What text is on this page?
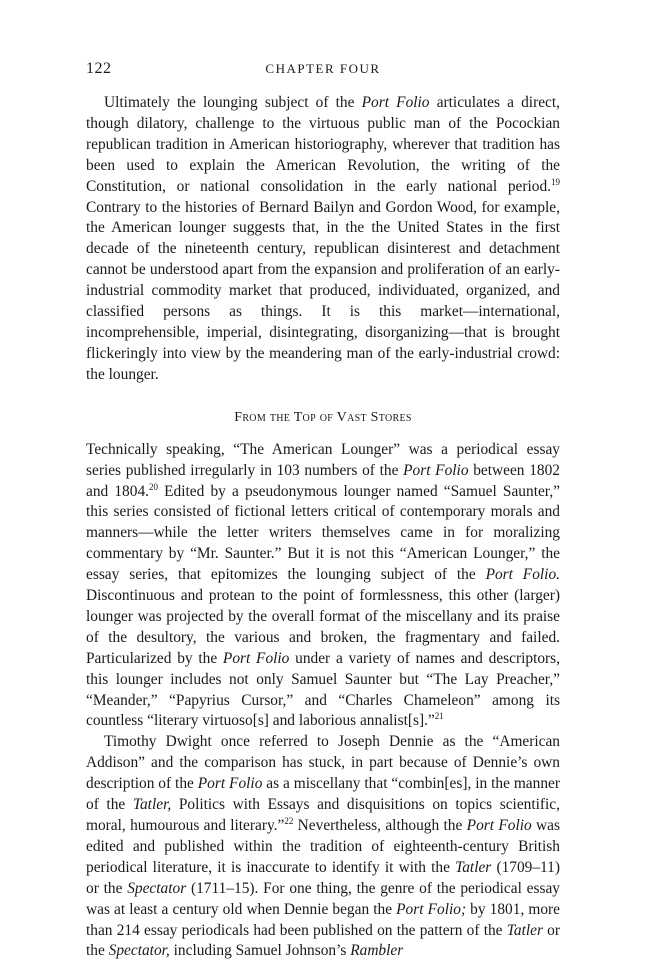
122	CHAPTER FOUR

Ultimately the lounging subject of the Port Folio articulates a direct, though dilatory, challenge to the virtuous public man of the Pocockian republican tradition in American historiography, wherever that tradition has been used to explain the American Revolution, the writing of the Constitution, or national consolidation in the early national period.$^{19}$ Contrary to the histories of Bernard Bailyn and Gordon Wood, for example, the American lounger suggests that, in the the United States in the first decade of the nineteenth century, republican disinterest and detachment cannot be understood apart from the expansion and proliferation of an early-industrial commodity market that produced, individuated, organized, and classified persons as things. It is this market—international, incomprehensible, imperial, disintegrating, disorganizing—that is brought flickeringly into view by the meandering man of the early-industrial crowd: the lounger.

From the Top of Vast Stores

Technically speaking, “The American Lounger” was a periodical essay series published irregularly in 103 numbers of the Port Folio between 1802 and 1804.20 Edited by a pseudonymous lounger named “Samuel Saunter,” this series consisted of fictional letters critical of contemporary morals and manners—while the letter writers themselves came in for moralizing commentary by “Mr. Saunter.” But it is not this “American Lounger,” the essay series, that epitomizes the lounging subject of the Port Folio. Discontinuous and protean to the point of formlessness, this other (larger) lounger was projected by the overall format of the miscellany and its praise of the desultory, the various and broken, the fragmentary and failed. Particularized by the Port Folio under a variety of names and descriptors, this lounger includes not only Samuel Saunter but “The Lay Preacher,” “Meander,” “Papyrius Cursor,” and “Charles Chameleon” among its countless “literary virtuoso[s] and laborious annalist[s].”$^{21}$

Timothy Dwight once referred to Joseph Dennie as the “American Addison” and the comparison has stuck, in part because of Dennie’s own description of the Port Folio as a miscellany that “combin[es], in the manner of the Tatler, Politics with Essays and disquisitions on topics scientific, moral, humourous and literary.”$^{22}$ Nevertheless, although the Port Folio was edited and published within the tradition of eighteenth-century British periodical literature, it is inaccurate to identify it with the Tatler (1709–11) or the Spectator (1711–15). For one thing, the genre of the periodical essay was at least a century old when Dennie began the Port Folio; by 1801, more than 214 essay periodicals had been published on the pattern of the Tatler or the Spectator, including Samuel Johnson’s Rambler
